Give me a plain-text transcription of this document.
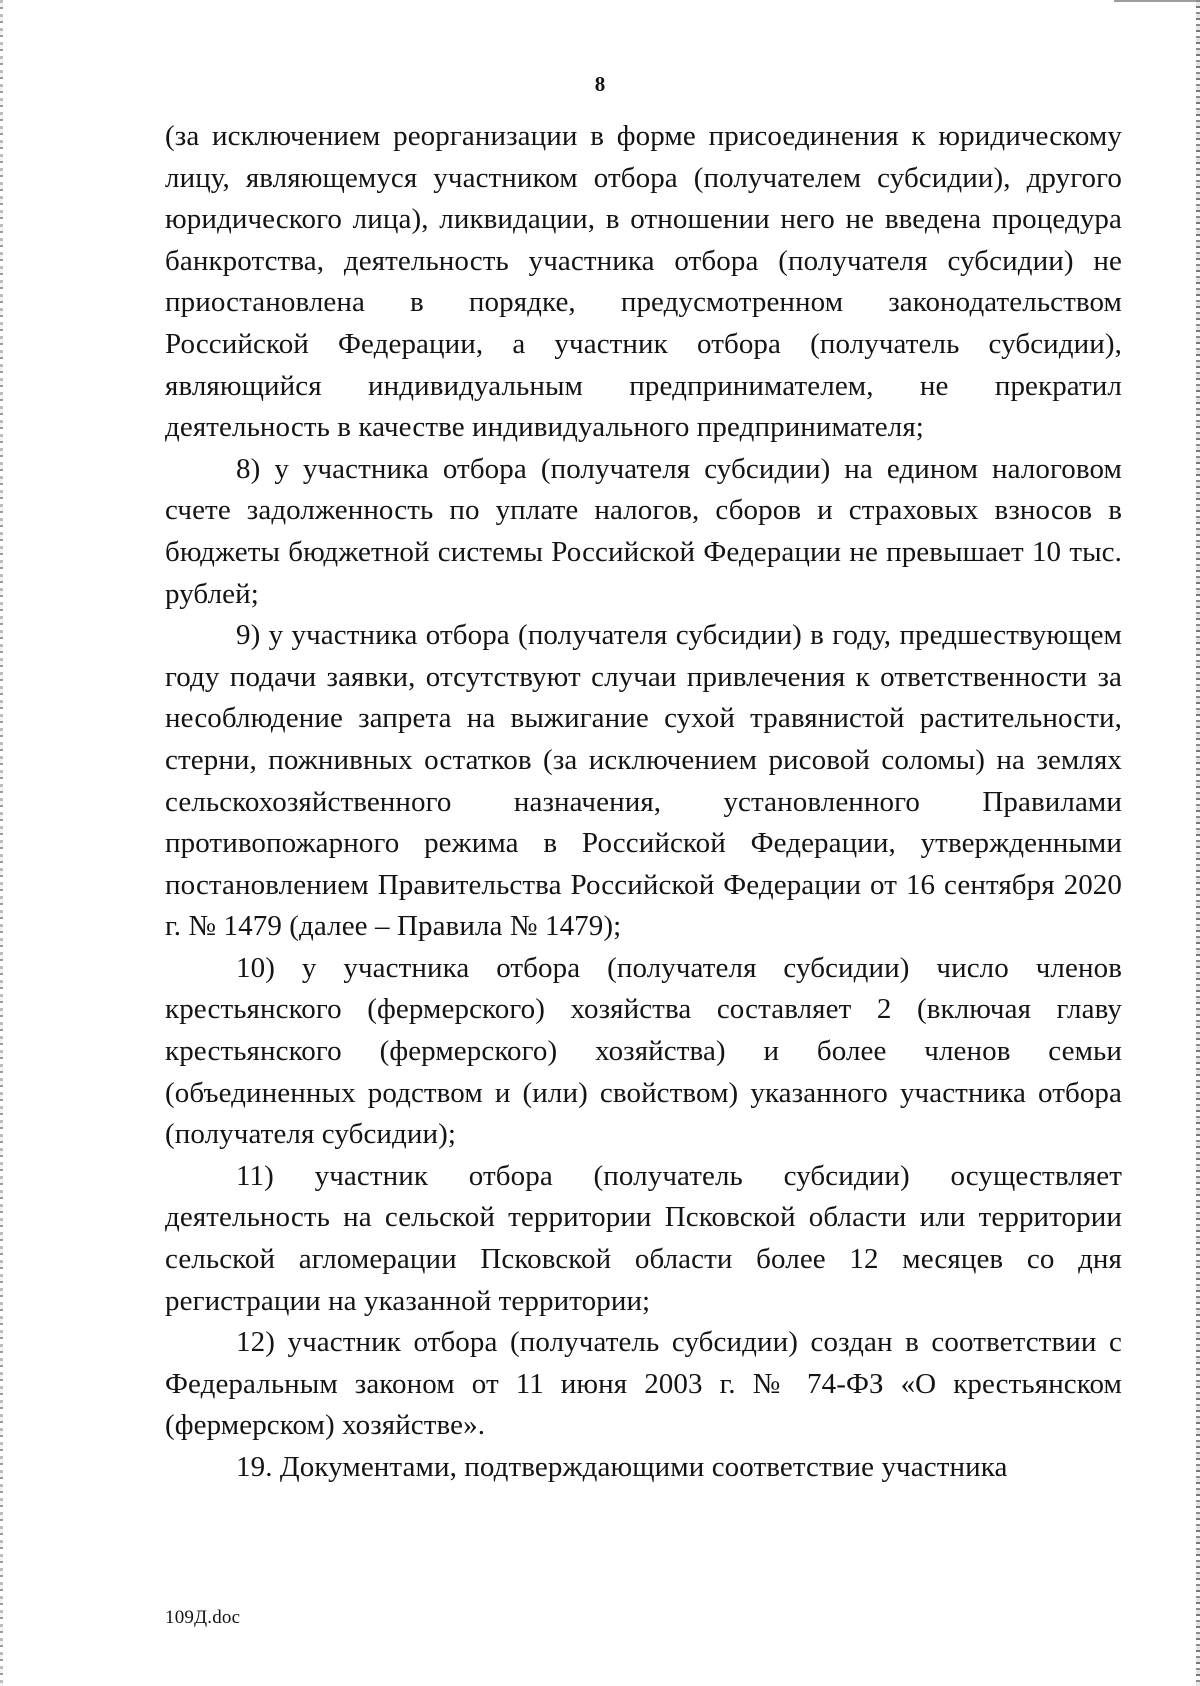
8

(за исключением реорганизации в форме присоединения к юридическому лицу, являющемуся участником отбора (получателем субсидии), другого юридического лица), ликвидации, в отношении него не введена процедура банкротства, деятельность участника отбора (получателя субсидии) не приостановлена в порядке, предусмотренном законодательством Российской Федерации, а участник отбора (получатель субсидии), являющийся индивидуальным предпринимателем, не прекратил деятельность в качестве индивидуального предпринимателя;

8) у участника отбора (получателя субсидии) на едином налоговом счете задолженность по уплате налогов, сборов и страховых взносов в бюджеты бюджетной системы Российской Федерации не превышает 10 тыс. рублей;

9) у участника отбора (получателя субсидии) в году, предшествующем году подачи заявки, отсутствуют случаи привлечения к ответственности за несоблюдение запрета на выжигание сухой травянистой растительности, стерни, пожнивных остатков (за исключением рисовой соломы) на землях сельскохозяйственного назначения, установленного Правилами противопожарного режима в Российской Федерации, утвержденными постановлением Правительства Российской Федерации от 16 сентября 2020 г. № 1479 (далее – Правила № 1479);

10) у участника отбора (получателя субсидии) число членов крестьянского (фермерского) хозяйства составляет 2 (включая главу крестьянского (фермерского) хозяйства) и более членов семьи (объединенных родством и (или) свойством) указанного участника отбора (получателя субсидии);

11) участник отбора (получатель субсидии) осуществляет деятельность на сельской территории Псковской области или территории сельской агломерации Псковской области более 12 месяцев со дня регистрации на указанной территории;

12) участник отбора (получатель субсидии) создан в соответствии с Федеральным законом от 11 июня 2003 г. № 74-ФЗ «О крестьянском (фермерском) хозяйстве».

19. Документами, подтверждающими соответствие участника

109Д.doc
